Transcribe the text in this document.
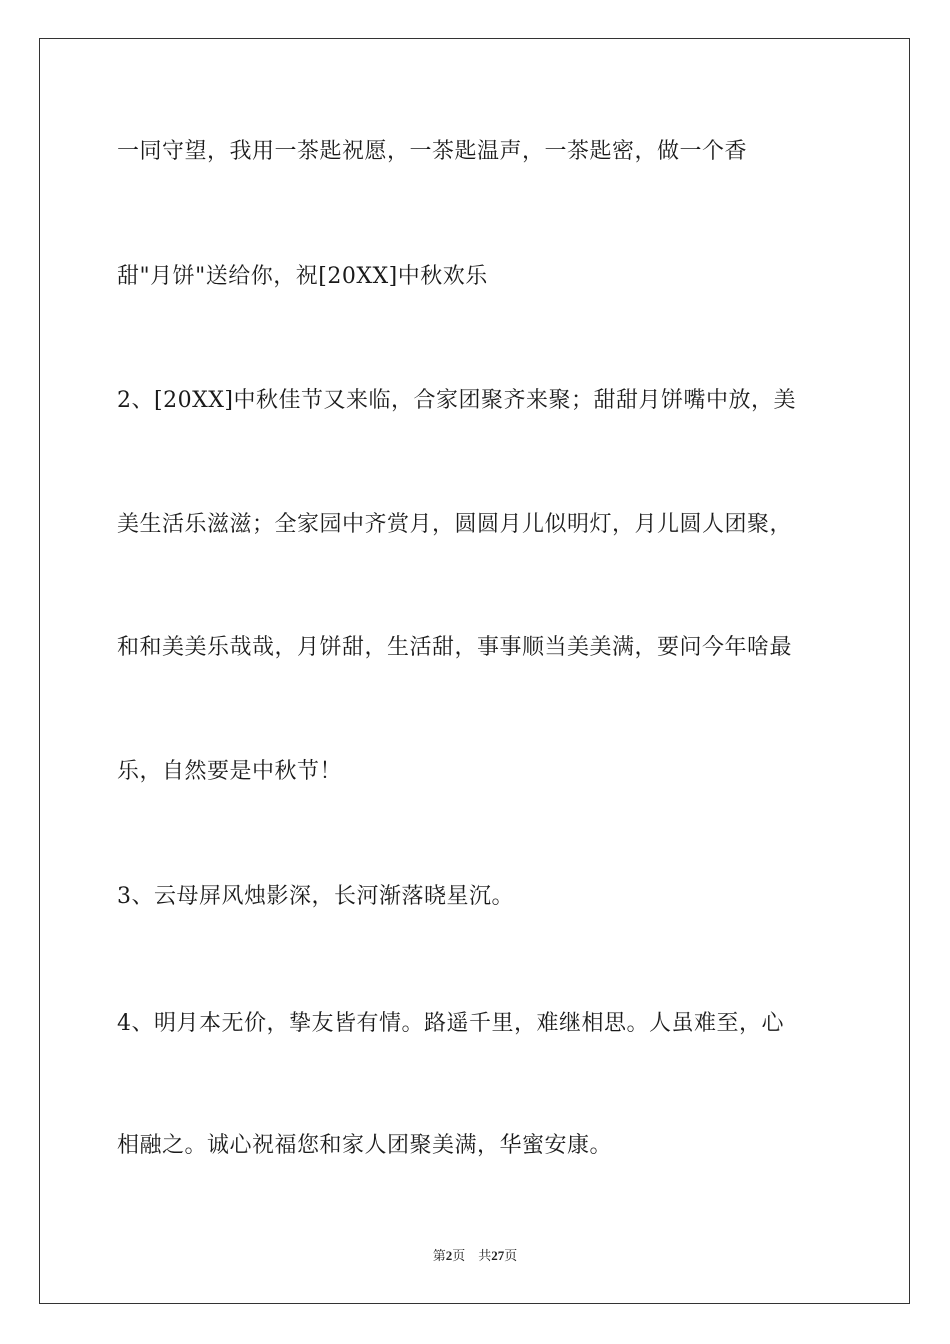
一同守望，我用一茶匙祝愿，一茶匙温声，一茶匙密，做一个香
甜"月饼"送给你，祝[20XX]中秋欢乐
2、[20XX]中秋佳节又来临，合家团聚齐来聚；甜甜月饼嘴中放，美
美生活乐滋滋；全家园中齐赏月，圆圆月儿似明灯，月儿圆人团聚，
和和美美乐哉哉，月饼甜，生活甜，事事顺当美美满，要问今年啥最
乐，自然要是中秋节！
3、云母屏风烛影深，长河渐落晓星沉。
4、明月本无价，挚友皆有情。路遥千里，难继相思。人虽难至，心
相融之。诚心祝福您和家人团聚美满，华蜜安康。
第2页 共27页
